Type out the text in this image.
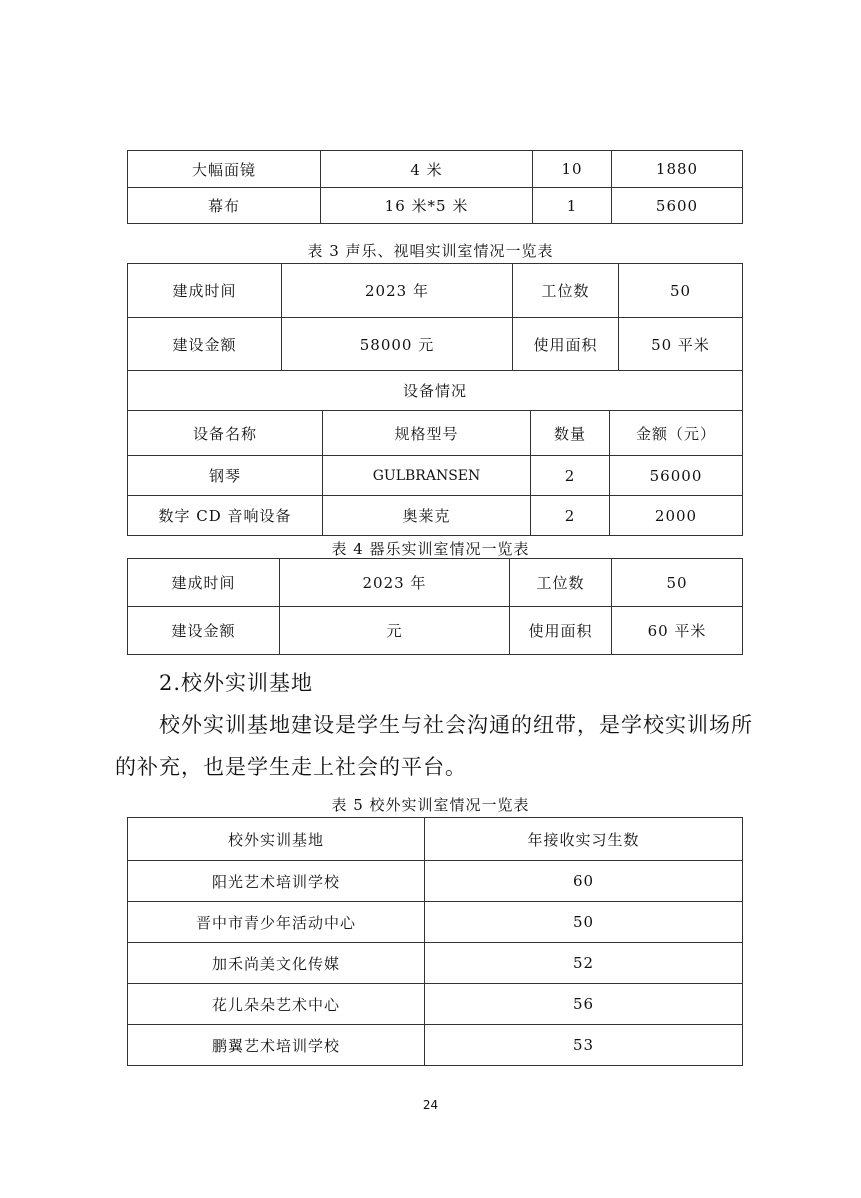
大幅面镜	4 米	10	1880
幕布	16 米*5 米	1	5600
表 3 声乐、视唱实训室情况一览表
建成时间	2023 年	工位数	50
建设金额	58000 元	使用面积	50 平米
设备情况			
设备名称	规格型号	数量	金额（元）
钢琴	GULBRANSEN	2	56000
数字 CD 音响设备	奥莱克	2	2000
表 4 器乐实训室情况一览表
建成时间	2023 年	工位数	50
建设金额	元	使用面积	60 平米
2.校外实训基地
校外实训基地建设是学生与社会沟通的纽带，是学校实训场所
的补充，也是学生走上社会的平台。
表 5 校外实训室情况一览表
校外实训基地	年接收实习生数
阳光艺术培训学校	60
晋中市青少年活动中心	50
加禾尚美文化传媒	52
花儿朵朵艺术中心	56
鹏翼艺术培训学校	53
24
